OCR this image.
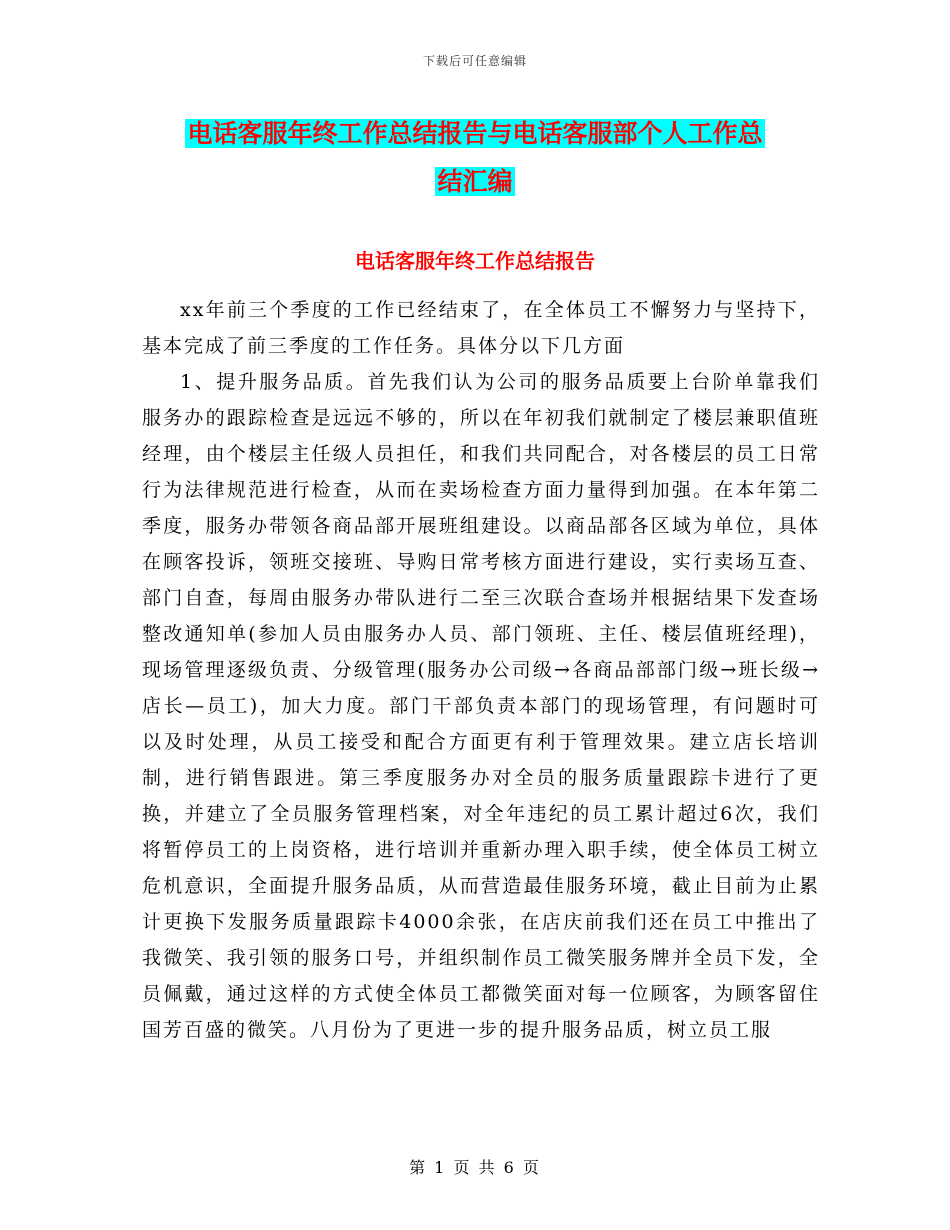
下载后可任意编辑
电话客服年终工作总结报告与电话客服部个人工作总
结汇编
电话客服年终工作总结报告

xx年前三个季度的工作已经结束了，在全体员工不懈努力与坚持下，基本完成了前三季度的工作任务。具体分以下几方面

1、提升服务品质。首先我们认为公司的服务品质要上台阶单靠我们服务办的跟踪检查是远远不够的，所以在年初我们就制定了楼层兼职值班经理，由个楼层主任级人员担任，和我们共同配合，对各楼层的员工日常行为法律规范进行检查，从而在卖场检查方面力量得到加强。在本年第二季度，服务办带领各商品部开展班组建设。以商品部各区域为单位，具体在顾客投诉，领班交接班、导购日常考核方面进行建设，实行卖场互查、部门自查，每周由服务办带队进行二至三次联合查场并根据结果下发查场整改通知单(参加人员由服务办人员、部门领班、主任、楼层值班经理)，现场管理逐级负责、分级管理(服务办公司级→各商品部部门级→班长级→店长—员工)，加大力度。部门干部负责本部门的现场管理，有问题时可以及时处理，从员工接受和配合方面更有利于管理效果。建立店长培训制，进行销售跟进。第三季度服务办对全员的服务质量跟踪卡进行了更换，并建立了全员服务管理档案，对全年违纪的员工累计超过6次，我们将暂停员工的上岗资格，进行培训并重新办理入职手续，使全体员工树立危机意识，全面提升服务品质，从而营造最佳服务环境，截止目前为止累计更换下发服务质量跟踪卡4000余张，在店庆前我们还在员工中推出了我微笑、我引领的服务口号，并组织制作员工微笑服务牌并全员下发，全员佩戴，通过这样的方式使全体员工都微笑面对每一位顾客，为顾客留住国芳百盛的微笑。八月份为了更进一步的提升服务品质，树立员工服

第 1 页 共 6 页
